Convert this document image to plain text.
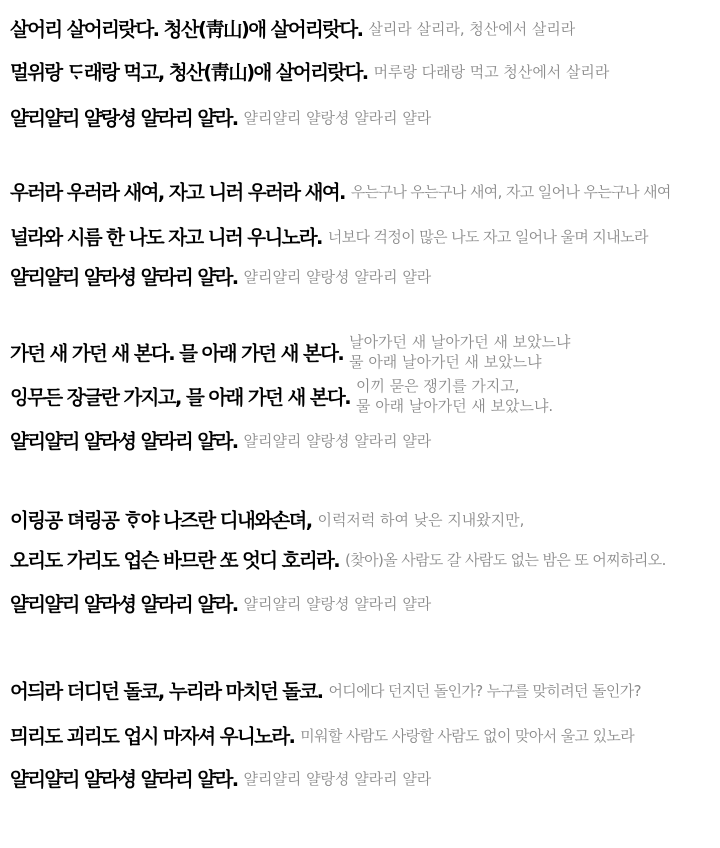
살어리 살어리랏다. 청산(靑山)애 살어리랏다. 살리라 살리라, 청산에서 살리라
멀위랑 ᄃᆞ래랑 먹고, 청산(靑山)애 살어리랏다. 머루랑 다래랑 먹고 청산에서 살리라
얄리얄리 얄랑셩 얄라리 얄라. 얄리얄리 얄랑셩 얄라리 얄라
우러라 우러라 새여, 자고 니러 우러라 새여. 우는구나 우는구나 새여, 자고 일어나 우는구나 새여
널라와 시름 한 나도 자고 니러 우니노라. 너보다 걱정이 많은 나도 자고 일어나 울며 지내노라
얄리얄리 얄라셩 얄라리 얄라. 얄리얄리 얄랑셩 얄라리 얄라
가던 새 가던 새 본다. 믈 아래 가던 새 본다. 날아가던 새 날아가던 새 보았느냐
물 아래 날아가던 새 보았느냐
잉무든 장글란 가지고, 믈 아래 가던 새 본다. 이끼 묻은 쟁기를 가지고,
물 아래 날아가던 새 보았느냐.
얄리얄리 얄라셩 얄라리 얄라. 얄리얄리 얄랑셩 얄라리 얄라
이링공 뎌링공 ᄒᆞ야 나즈란 디내와손뎌, 이럭저럭 하여 낮은 지내왔지만,
오리도 가리도 업슨 바므란 ᄯᅩ 엇디 호리라. (찾아)올 사람도 갈 사람도 없는 밤은 또 어찌하리오.
얄리얄리 얄라셩 얄라리 얄라. 얄리얄리 얄랑셩 얄라리 얄라
어듸라 더디던 돌코, 누리라 마치던 돌코. 어디에다 던지던 돌인가? 누구를 맞히려던 돌인가?
믜리도 괴리도 업시 마자셔 우니노라. 미워할 사람도 사랑할 사람도 없이 맞아서 울고 있노라
얄리얄리 얄라셩 얄라리 얄라. 얄리얄리 얄랑셩 얄라리 얄라
